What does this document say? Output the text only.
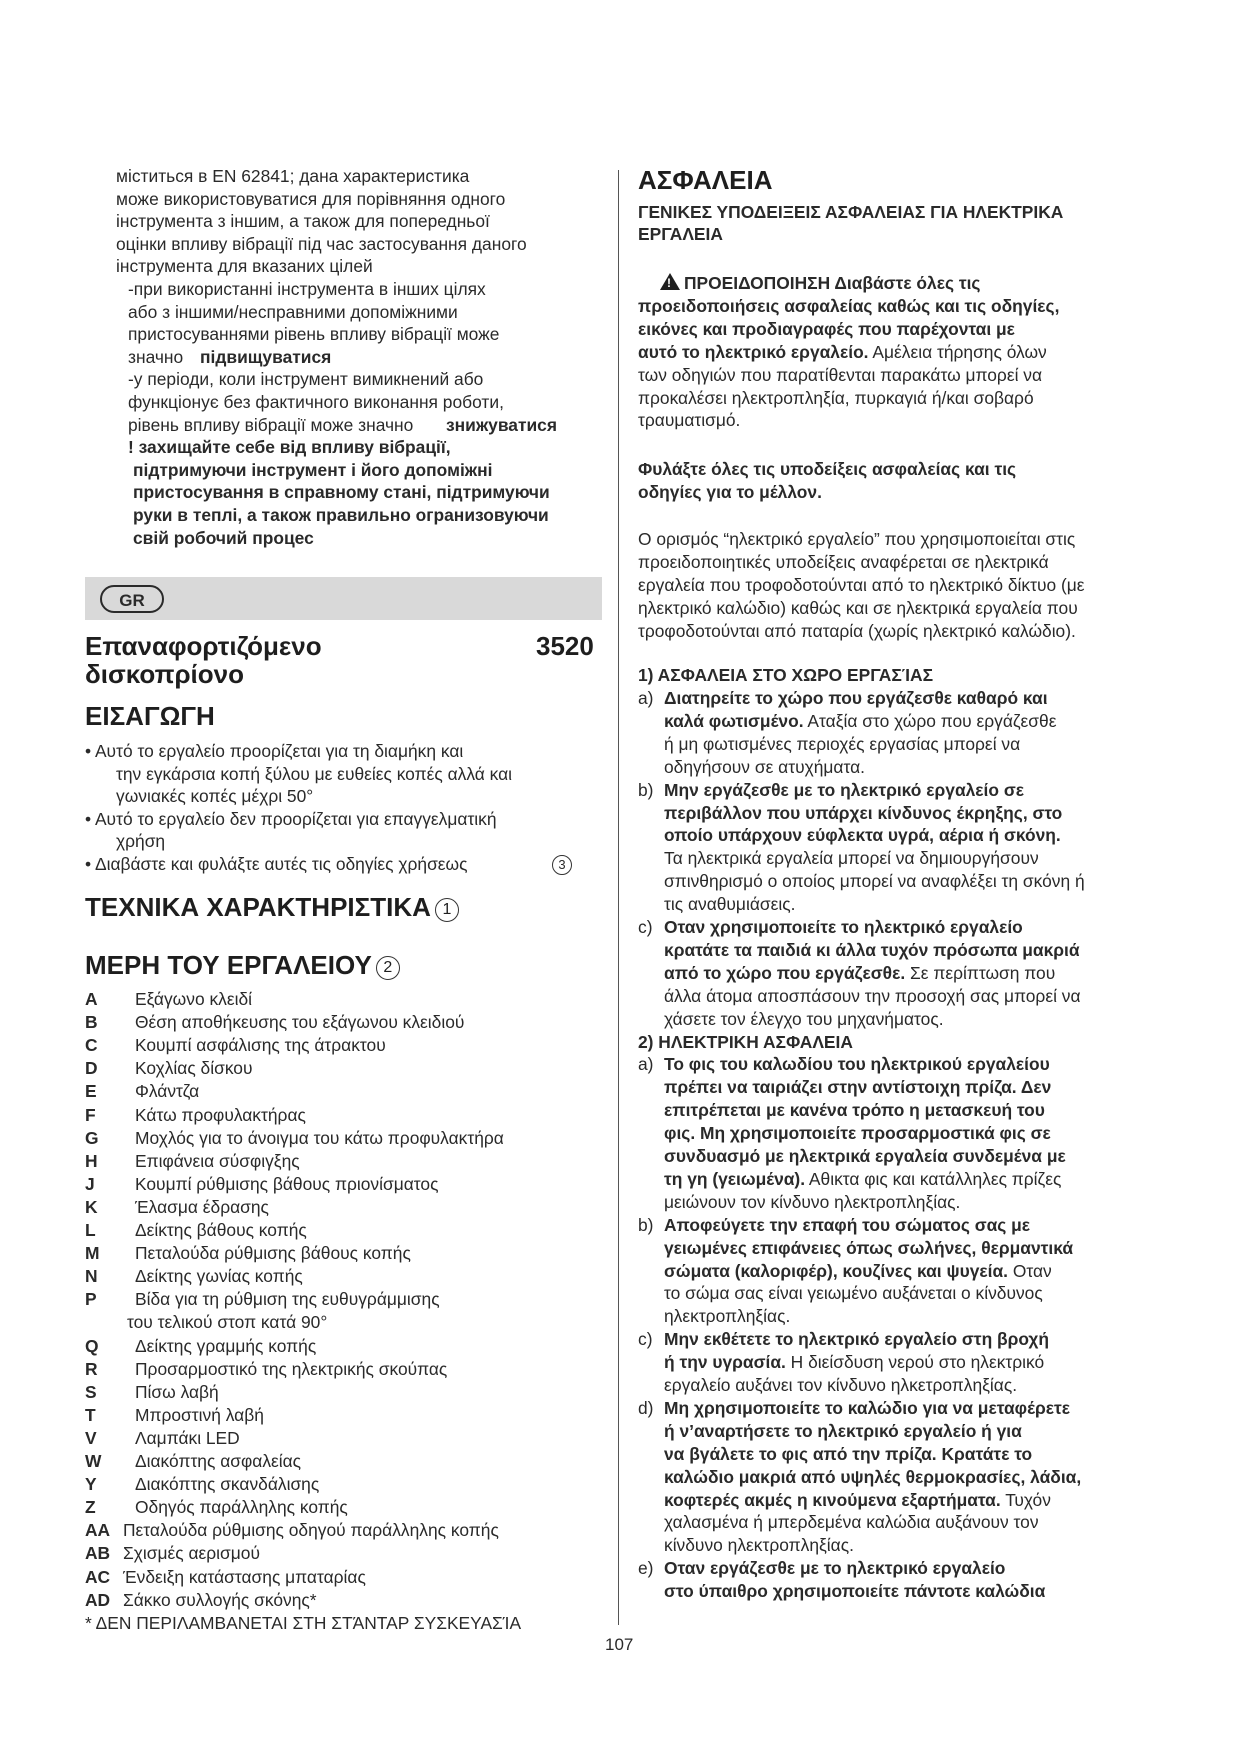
міститься в EN 62841; дана характеристика
може використовуватися для порівняння одного
інструмента з іншим, а також для попередньої
оцінки впливу вібрації під час застосування даного
інструмента для вказаних цілей
-при використанні інструмента в інших цілях
або з іншими/несправними допоміжними
пристосуваннями рівень впливу вібрації може
значно підвищуватися
-у періоди, коли інструмент вимикнений або
функціонує без фактичного виконання роботи,
рівень впливу вібрації може значно знижуватися
! захищайте себе від впливу вібрації,
підтримуючи інструмент і його допоміжні
пристосування в справному стані, підтримуючи
руки в теплі, а також правильно огранизовуючи
свій робочий процес
GR
Επαναφορτιζόμενο
δισκοπρίονο
3520
ΕΙΣΑΓΩΓΗ
• Αυτό το εργαλείο προορίζεται για τη διαμήκη και
την εγκάρσια κοπή ξύλου με ευθείες κοπές αλλά και
γωνιακές κοπές μέχρι 50°
• Αυτό το εργαλείο δεν προορίζεται για επαγγελματική
χρήση
• Διαβάστε και φυλάξτε αυτές τις οδηγίες χρήσεως	3
ΤΕΧΝΙΚΑ ΧΑΡΑΚΤΗΡΙΣΤΙΚΑ 1
ΜΕΡΗ ΤΟΥ ΕΡΓΑΛΕΙΟΥ 2
A Εξάγωνο κλειδί
B Θέση αποθήκευσης του εξάγωνου κλειδιού
C Κουμπί ασφάλισης της άτρακτου
D Κοχλίας δίσκου
E Φλάντζα
F Κάτω προφυλακτήρας
G Μοχλός για το άνοιγμα του κάτω προφυλακτήρα
H Επιφάνεια σύσφιγξης
J Κουμπί ρύθμισης βάθους πριονίσματος
K Έλασμα έδρασης
L Δείκτης βάθους κοπής
M Πεταλούδα ρύθμισης βάθους κοπής
N Δείκτης γωνίας κοπής
P Βίδα για τη ρύθμιση της ευθυγράμμισης
του τελικού στοπ κατά 90°
Q Δείκτης γραμμής κοπής
R Προσαρμοστικό της ηλεκτρικής σκούπας
S Πίσω λαβή
T Μπροστινή λαβή
V Λαμπάκι LED
W Διακόπτης ασφαλείας
Y Διακόπτης σκανδάλισης
Z Οδηγός παράλληλης κοπής
AA Πεταλούδα ρύθμισης οδηγού παράλληλης κοπής
AB Σχισμές αερισμού
AC Ένδειξη κατάστασης μπαταρίας
AD Σάκκο συλλογής σκόνης*
* ΔΕΝ ΠΕΡΙΛΑΜΒΑΝΕΤΑΙ ΣΤΗ ΣΤΆΝΤΑΡ ΣΥΣΚΕΥΑΣΊΑ
ΑΣΦΑΛΕΙΑ
ΓΕΝΙΚΕΣ ΥΠΟΔΕΙΞΕΙΣ ΑΣΦΑΛΕΙΑΣ ΓΙΑ ΗΛΕΚΤΡΙΚΑ
ΕΡΓΑΛΕΙΑ
!ΠΡΟΕΙΔΟΠΟΙΗΣΗ Διαβάστε όλες τις
προειδοποιήσεις ασφαλείας καθώς και τις οδηγίες,
εικόνες και προδιαγραφές που παρέχονται με
αυτό το ηλεκτρικό εργαλείο. Αμέλεια τήρησης όλων
των οδηγιών που παρατίθενται παρακάτω μπορεί να
προκαλέσει ηλεκτροπληξία, πυρκαγιά ή/και σοβαρό
τραυματισμό.
Φυλάξτε όλες τις υποδείξεις ασφαλείας και τις
οδηγίες για το μέλλον.
Ο ορισμός “ηλεκτρικό εργαλείο” που χρησιμοποιείται στις
προειδοποιητικές υποδείξεις αναφέρεται σε ηλεκτρικά
εργαλεία που τροφοδοτούνται από το ηλεκτρικό δίκτυο (με
ηλεκτρικό καλώδιο) καθώς και σε ηλεκτρικά εργαλεία που
τροφοδοτούνται από παταρία (χωρίς ηλεκτρικό καλώδιο).
1) ΑΣΦΑΛΕΙΑ ΣΤΟ ΧΩΡΟ ΕΡΓΑΣΊΑΣ
a) Διατηρείτε το χώρο που εργάζεσθε καθαρό και
καλά φωτισμένο. Αταξία στο χώρο που εργάζεσθε
ή μη φωτισμένες περιοχές εργασίας μπορεί να
οδηγήσουν σε ατυχήματα.
b) Μην εργάζεσθε με το ηλεκτρικό εργαλείο σε
περιβάλλον που υπάρχει κίνδυνος έκρηξης, στο
οποίο υπάρχουν εύφλεκτα υγρά, αέρια ή σκόνη.
Τα ηλεκτρικά εργαλεία μπορεί να δημιουργήσουν
σπινθηρισμό ο οποίος μπορεί να αναφλέξει τη σκόνη ή
τις αναθυμιάσεις.
c) Οταν χρησιμοποιείτε το ηλεκτρικό εργαλείο
κρατάτε τα παιδιά κι άλλα τυχόν πρόσωπα μακριά
από το χώρο που εργάζεσθε. Σε περίπτωση που
άλλα άτομα αποσπάσουν την προσοχή σας μπορεί να
χάσετε τον έλεγχο του μηχανήματος.
2) ΗΛΕΚΤΡΙΚΗ ΑΣΦΑΛΕΙΑ
a) Το φις του καλωδίου του ηλεκτρικού εργαλείου
πρέπει να ταιριάζει στην αντίστοιχη πρίζα. Δεν
επιτρέπεται με κανένα τρόπο η μετασκευή του
φις. Μη χρησιμοποιείτε προσαρμοστικά φις σε
συνδυασμό με ηλεκτρικά εργαλεία συνδεμένα με
τη γη (γειωμένα). Αθικτα φις και κατάλληλες πρίζες
μειώνουν τον κίνδυνο ηλεκτροπληξίας.
b) Αποφεύγετε την επαφή του σώματος σας με
γειωμένες επιφάνειες όπως σωλήνες, θερμαντικά
σώματα (καλοριφέρ), κουζίνες και ψυγεία. Οταν
το σώμα σας είναι γειωμένο αυξάνεται ο κίνδυνος
ηλεκτροπληξίας.
c) Μην εκθέτετε το ηλεκτρικό εργαλείο στη βροχή
ή την υγρασία. Η διείσδυση νερού στο ηλεκτρικό
εργαλείο αυξάνει τον κίνδυνο ηλκετροπληξίας.
d) Μη χρησιμοποιείτε το καλώδιο για να μεταφέρετε
ή ν’αναρτήσετε το ηλεκτρικό εργαλείο ή για
να βγάλετε το φις από την πρίζα. Κρατάτε το
καλώδιο μακριά από υψηλές θερμοκρασίες, λάδια,
κοφτερές ακμές η κινούμενα εξαρτήματα. Τυχόν
χαλασμένα ή μπερδεμένα καλώδια αυξάνουν τον
κίνδυνο ηλεκτροπληξίας.
e) Οταν εργάζεσθε με το ηλεκτρικό εργαλείο
στο ύπαιθρο χρησιμοποιείτε πάντοτε καλώδια
107
